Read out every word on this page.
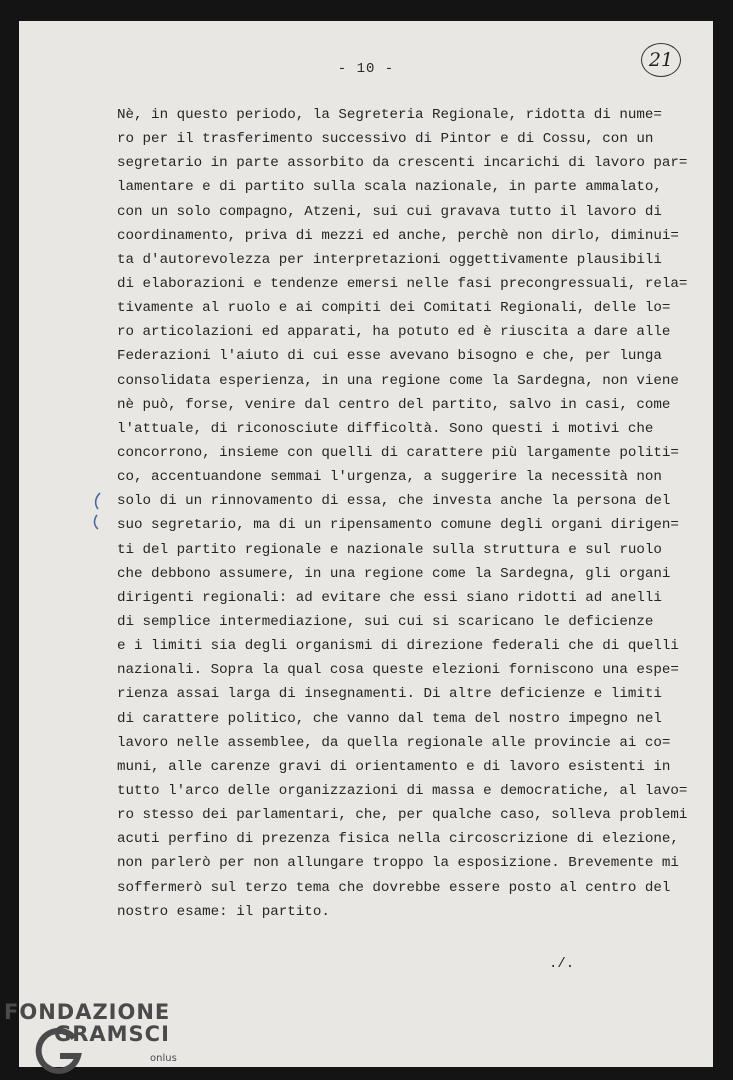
- 10 -	21
Nè, in questo periodo, la Segreteria Regionale, ridotta di nume=
ro per il trasferimento successivo di Pintor e di Cossu, con un
segretario in parte assorbito da crescenti incarichi di lavoro par=
lamentare e di partito sulla scala nazionale, in parte ammalato,
con un solo compagno, Atzeni, sui cui gravava tutto il lavoro di
coordinamento, priva di mezzi ed anche, perchè non dirlo, diminui=
ta d'autorevolezza per interpretazioni oggettivamente plausibili
di elaborazioni e tendenze emersi nelle fasi precongressuali, rela=
tivamente al ruolo e ai compiti dei Comitati Regionali, delle lo=
ro articolazioni ed apparati, ha potuto ed è riuscita a dare alle
Federazioni l'aiuto di cui esse avevano bisogno e che, per lunga
consolidata esperienza, in una regione come la Sardegna, non viene
nè può, forse, venire dal centro del partito, salvo in casi, come
l'attuale, di riconosciute difficoltà. Sono questi i motivi che
concorrono, insieme con quelli di carattere più largamente politi=
co, accentuandone semmai l'urgenza, a suggerire la necessità non
solo di un rinnovamento di essa, che investa anche la persona del
suo segretario, ma di un ripensamento comune degli organi dirigen=
ti del partito regionale e nazionale sulla struttura e sul ruolo
che debbono assumere, in una regione come la Sardegna, gli organi
dirigenti regionali: ad evitare che essi siano ridotti ad anelli
di semplice intermediazione, sui cui si scaricano le deficienze
e i limiti sia degli organismi di direzione federali che di quelli
nazionali. Sopra la qual cosa queste elezioni forniscono una espe=
rienza assai larga di insegnamenti. Di altre deficienze e limiti
di carattere politico, che vanno dal tema del nostro impegno nel
lavoro nelle assemblee, da quella regionale alle provincie ai co=
muni, alle carenze gravi di orientamento e di lavoro esistenti in
tutto l'arco delle organizzazioni di massa e democratiche, al lavo=
ro stesso dei parlamentari, che, per qualche caso, solleva problemi
acuti perfino di prezenza fisica nella circoscrizione di elezione,
non parlerò per non allungare troppo la esposizione. Brevemente mi
soffermerò sul terzo tema che dovrebbe essere posto al centro del
nostro esame: il partito.
./.
FONDAZIONE
GRAMSCI
onlus
